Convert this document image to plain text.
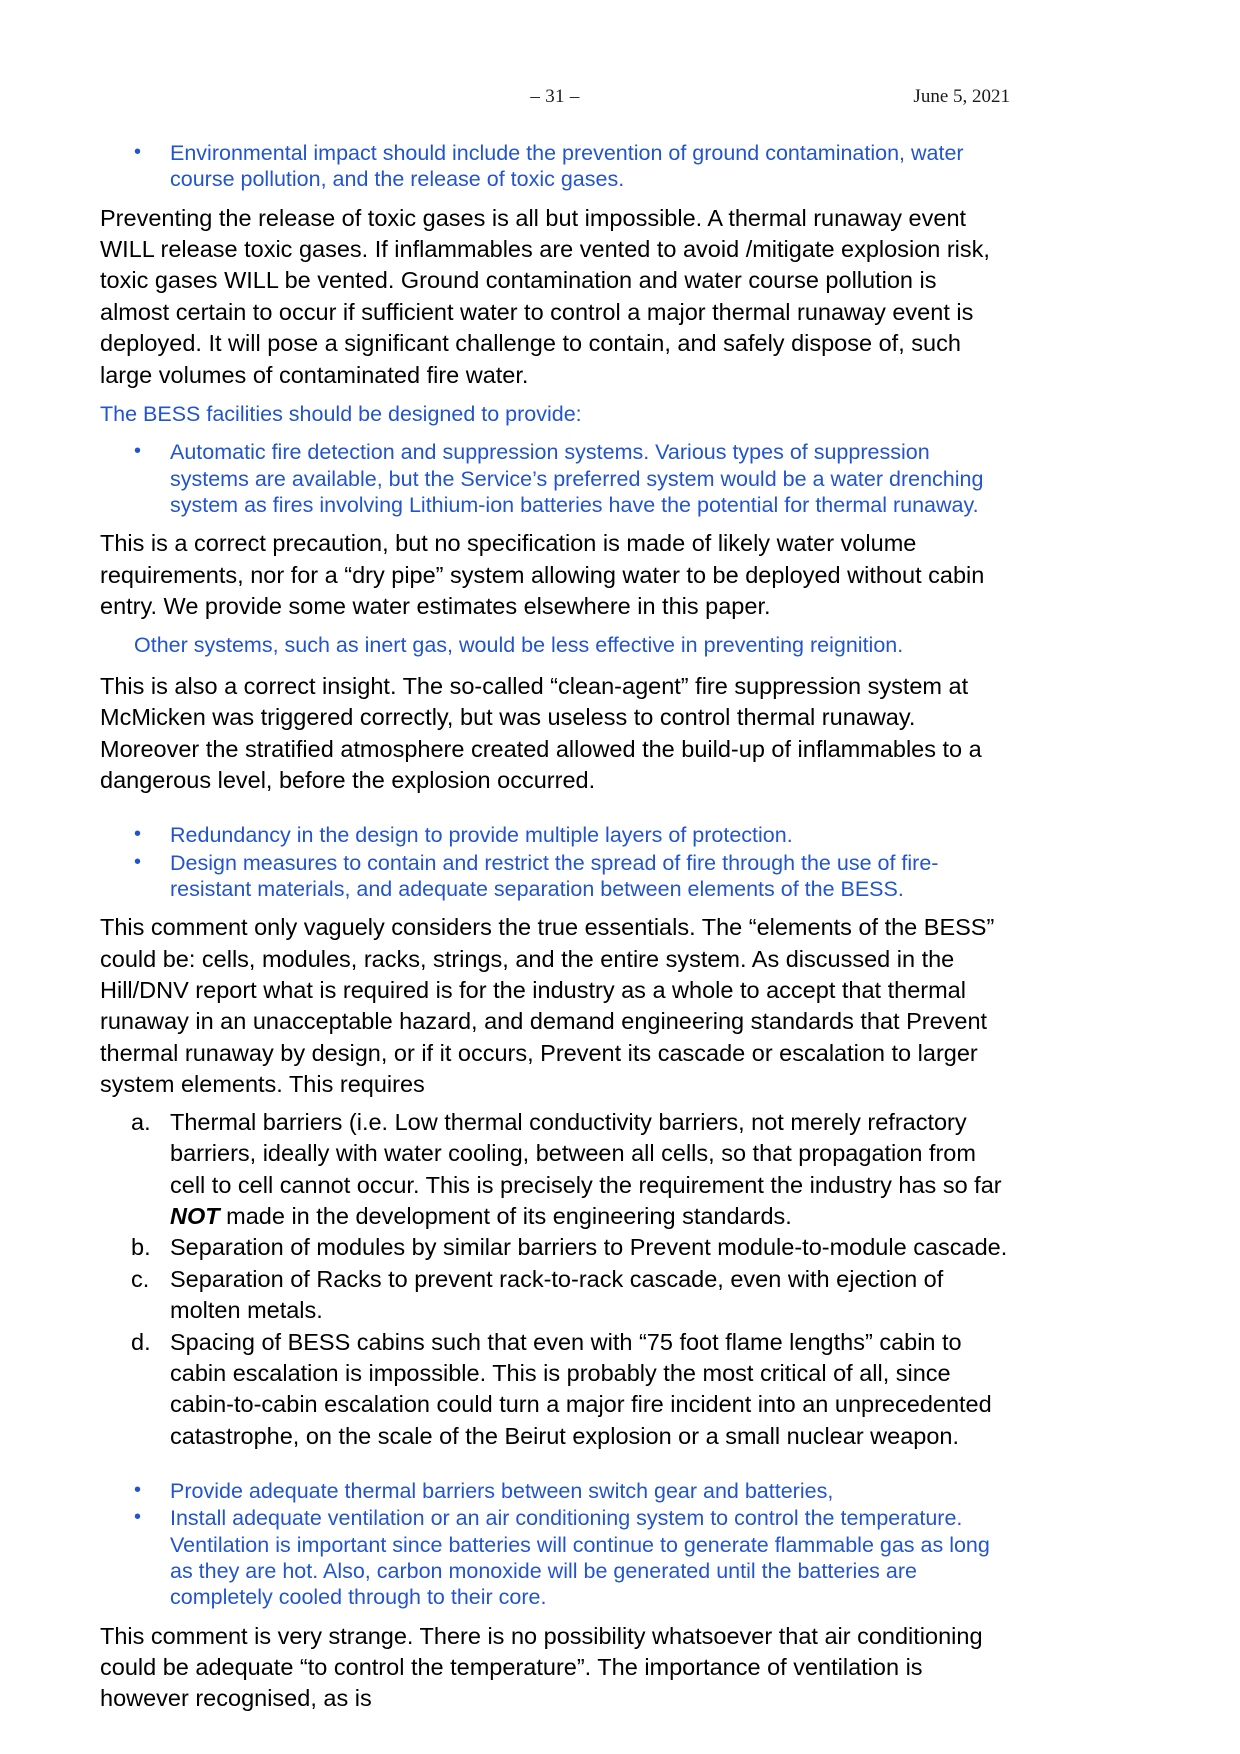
– 31 –	June 5, 2021
• Environmental impact should include the prevention of ground contamination, water course pollution, and the release of toxic gases.

Preventing the release of toxic gases is all but impossible. A thermal runaway event WILL release toxic gases. If inflammables are vented to avoid /mitigate explosion risk, toxic gases WILL be vented. Ground contamination and water course pollution is almost certain to occur if sufficient water to control a major thermal runaway event is deployed. It will pose a significant challenge to contain, and safely dispose of, such large volumes of contaminated fire water.

The BESS facilities should be designed to provide:

• Automatic fire detection and suppression systems. Various types of suppression systems are available, but the Service’s preferred system would be a water drenching system as fires involving Lithium-ion batteries have the potential for thermal runaway.

This is a correct precaution, but no specification is made of likely water volume requirements, nor for a “dry pipe” system allowing water to be deployed without cabin entry. We provide some water estimates elsewhere in this paper.

Other systems, such as inert gas, would be less effective in preventing reignition.

This is also a correct insight. The so-called “clean-agent” fire suppression system at McMicken was triggered correctly, but was useless to control thermal runaway. Moreover the stratified atmosphere created allowed the build-up of inflammables to a dangerous level, before the explosion occurred.

• Redundancy in the design to provide multiple layers of protection.
• Design measures to contain and restrict the spread of fire through the use of fire-resistant materials, and adequate separation between elements of the BESS.

This comment only vaguely considers the true essentials. The “elements of the BESS” could be: cells, modules, racks, strings, and the entire system. As discussed in the Hill/DNV report what is required is for the industry as a whole to accept that thermal runaway in an unacceptable hazard, and demand engineering standards that Prevent thermal runaway by design, or if it occurs, Prevent its cascade or escalation to larger system elements. This requires

Thermal barriers (i.e. Low thermal conductivity barriers, not merely refractory barriers, ideally with water cooling, between all cells, so that propagation from cell to cell cannot occur. This is precisely the requirement the industry has so far NOT made in the development of its engineering standards.
Separation of modules by similar barriers to Prevent module-to-module cascade.
Separation of Racks to prevent rack-to-rack cascade, even with ejection of molten metals.
Spacing of BESS cabins such that even with “75 foot flame lengths” cabin to cabin escalation is impossible. This is probably the most critical of all, since cabin-to-cabin escalation could turn a major fire incident into an unprecedented catastrophe, on the scale of the Beirut explosion or a small nuclear weapon.
• Provide adequate thermal barriers between switch gear and batteries,
• Install adequate ventilation or an air conditioning system to control the temperature. Ventilation is important since batteries will continue to generate flammable gas as long as they are hot. Also, carbon monoxide will be generated until the batteries are completely cooled through to their core.

This comment is very strange. There is no possibility whatsoever that air conditioning could be adequate “to control the temperature”. The importance of ventilation is however recognised, as is
